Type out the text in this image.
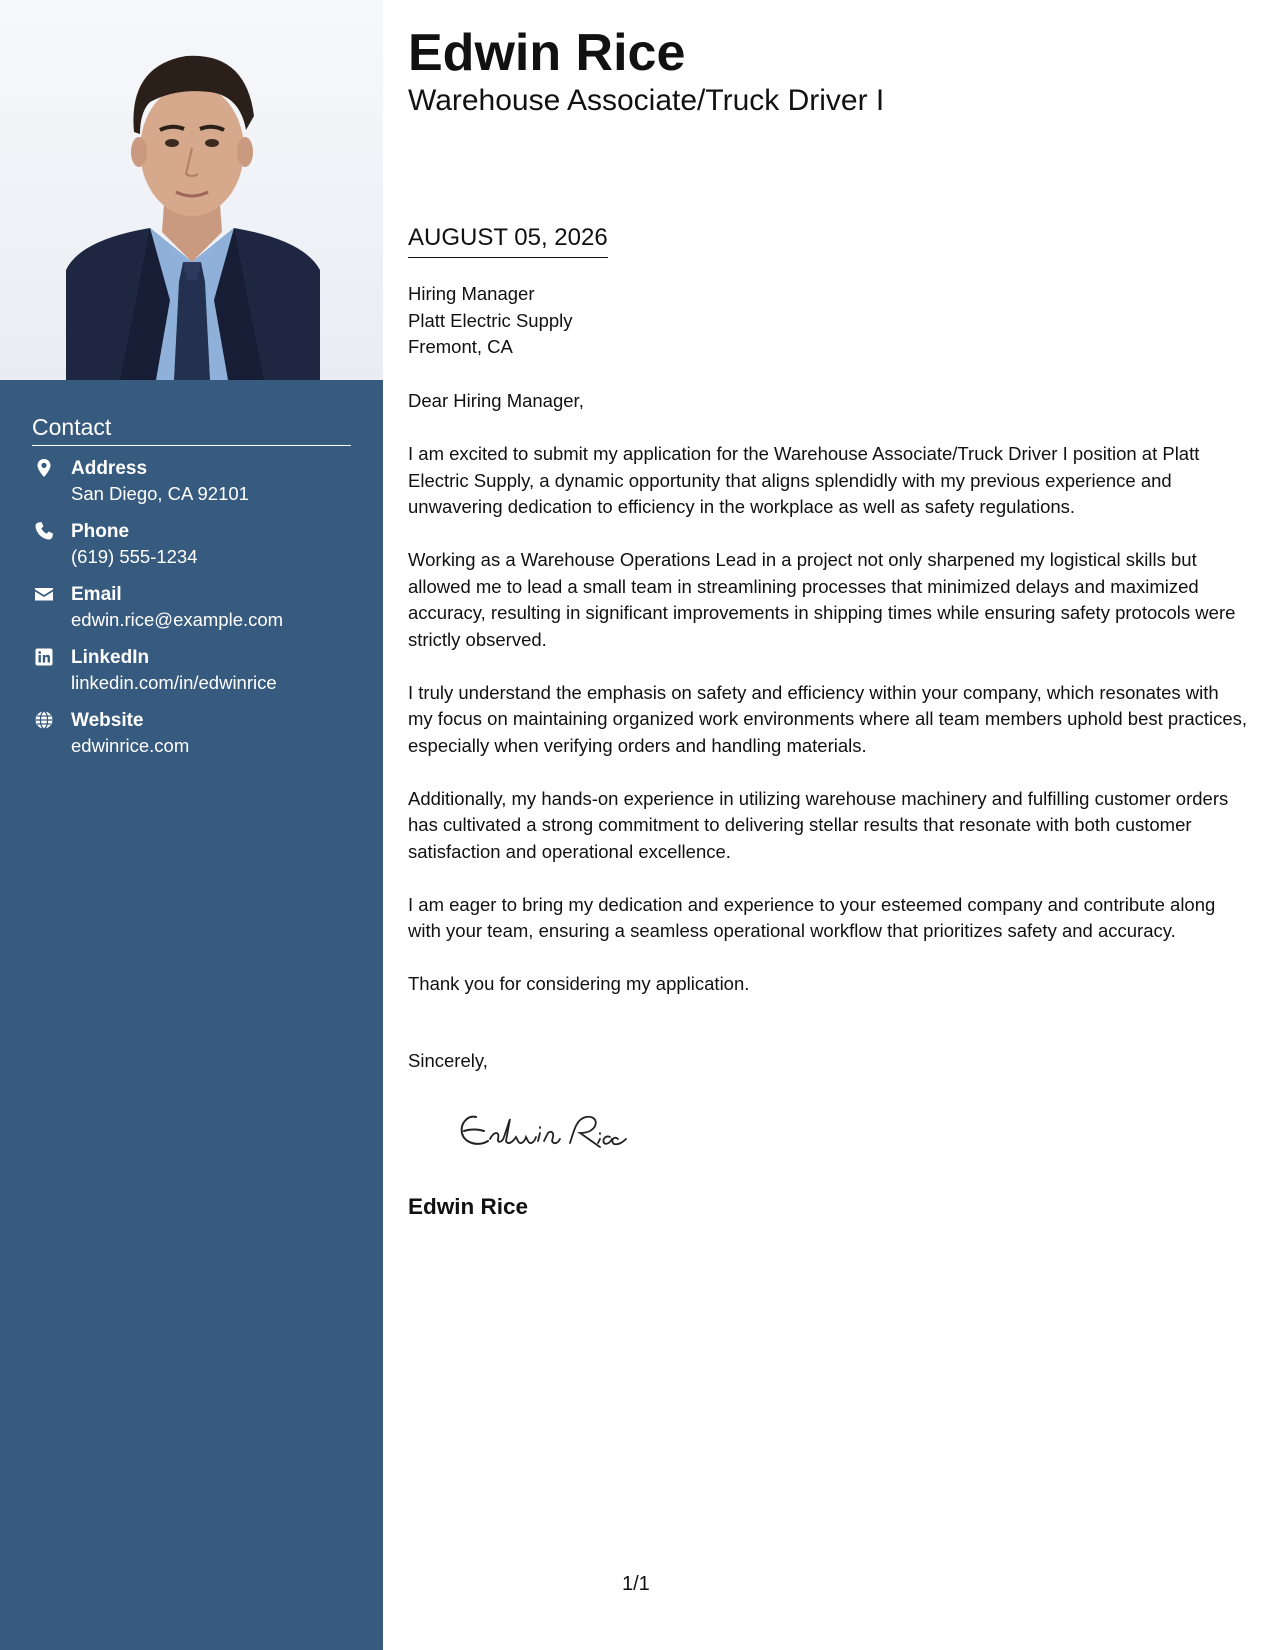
Contact
Address
San Diego, CA 92101
Phone
(619) 555-1234
Email
edwin.rice@example.com
LinkedIn
linkedin.com/in/edwinrice
Website
edwinrice.com
Edwin Rice
Warehouse Associate/Truck Driver I
AUGUST 05, 2026
Hiring Manager
Platt Electric Supply
Fremont, CA

Dear Hiring Manager,

I am excited to submit my application for the Warehouse Associate/Truck Driver I position at Platt Electric Supply, a dynamic opportunity that aligns splendidly with my previous experience and unwavering dedication to efficiency in the workplace as well as safety regulations.

Working as a Warehouse Operations Lead in a project not only sharpened my logistical skills but allowed me to lead a small team in streamlining processes that minimized delays and maximized accuracy, resulting in significant improvements in shipping times while ensuring safety protocols were strictly observed.

I truly understand the emphasis on safety and efficiency within your company, which resonates with my focus on maintaining organized work environments where all team members uphold best practices, especially when verifying orders and handling materials.

Additionally, my hands-on experience in utilizing warehouse machinery and fulfilling customer orders has cultivated a strong commitment to delivering stellar results that resonate with both customer satisfaction and operational excellence.

I am eager to bring my dedication and experience to your esteemed company and contribute along with your team, ensuring a seamless operational workflow that prioritizes safety and accuracy.

Thank you for considering my application.

Sincerely,
Edwin Rice
1/1
